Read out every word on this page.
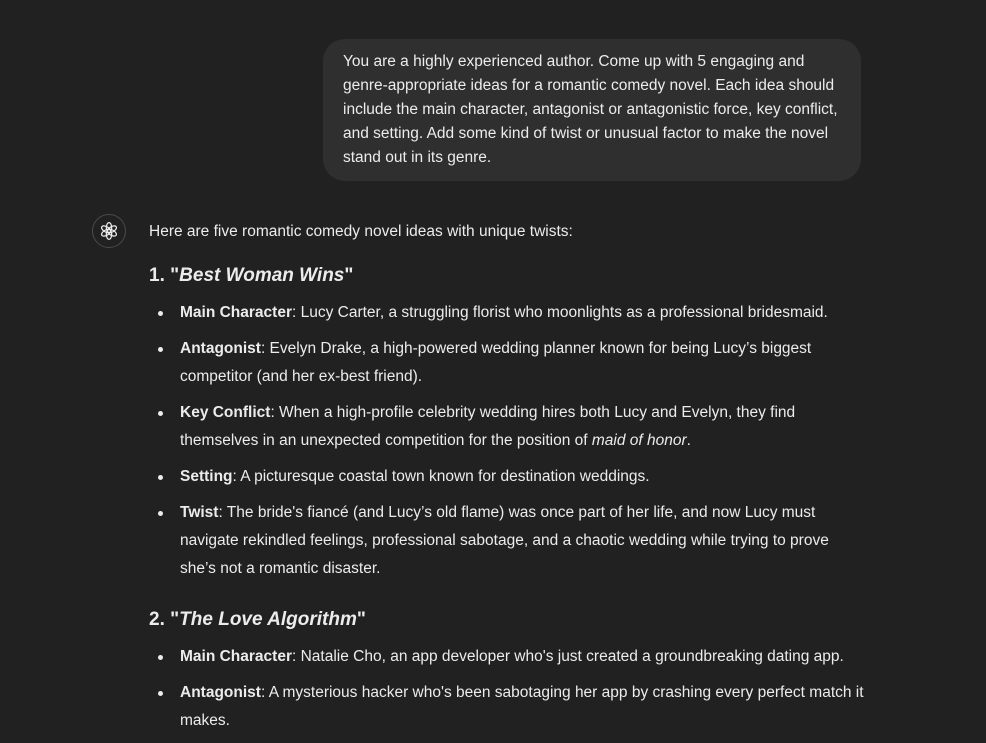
You are a highly experienced author. Come up with 5 engaging and genre-appropriate ideas for a romantic comedy novel. Each idea should include the main character, antagonist or antagonistic force, key conflict, and setting. Add some kind of twist or unusual factor to make the novel stand out in its genre.
Here are five romantic comedy novel ideas with unique twists:
1. "Best Woman Wins"
Main Character: Lucy Carter, a struggling florist who moonlights as a professional bridesmaid.
Antagonist: Evelyn Drake, a high-powered wedding planner known for being Lucy’s biggest competitor (and her ex-best friend).
Key Conflict: When a high-profile celebrity wedding hires both Lucy and Evelyn, they find themselves in an unexpected competition for the position of maid of honor.
Setting: A picturesque coastal town known for destination weddings.
Twist: The bride's fiancé (and Lucy’s old flame) was once part of her life, and now Lucy must navigate rekindled feelings, professional sabotage, and a chaotic wedding while trying to prove she’s not a romantic disaster.
2. "The Love Algorithm"
Main Character: Natalie Cho, an app developer who's just created a groundbreaking dating app.
Antagonist: A mysterious hacker who's been sabotaging her app by crashing every perfect match it makes.
